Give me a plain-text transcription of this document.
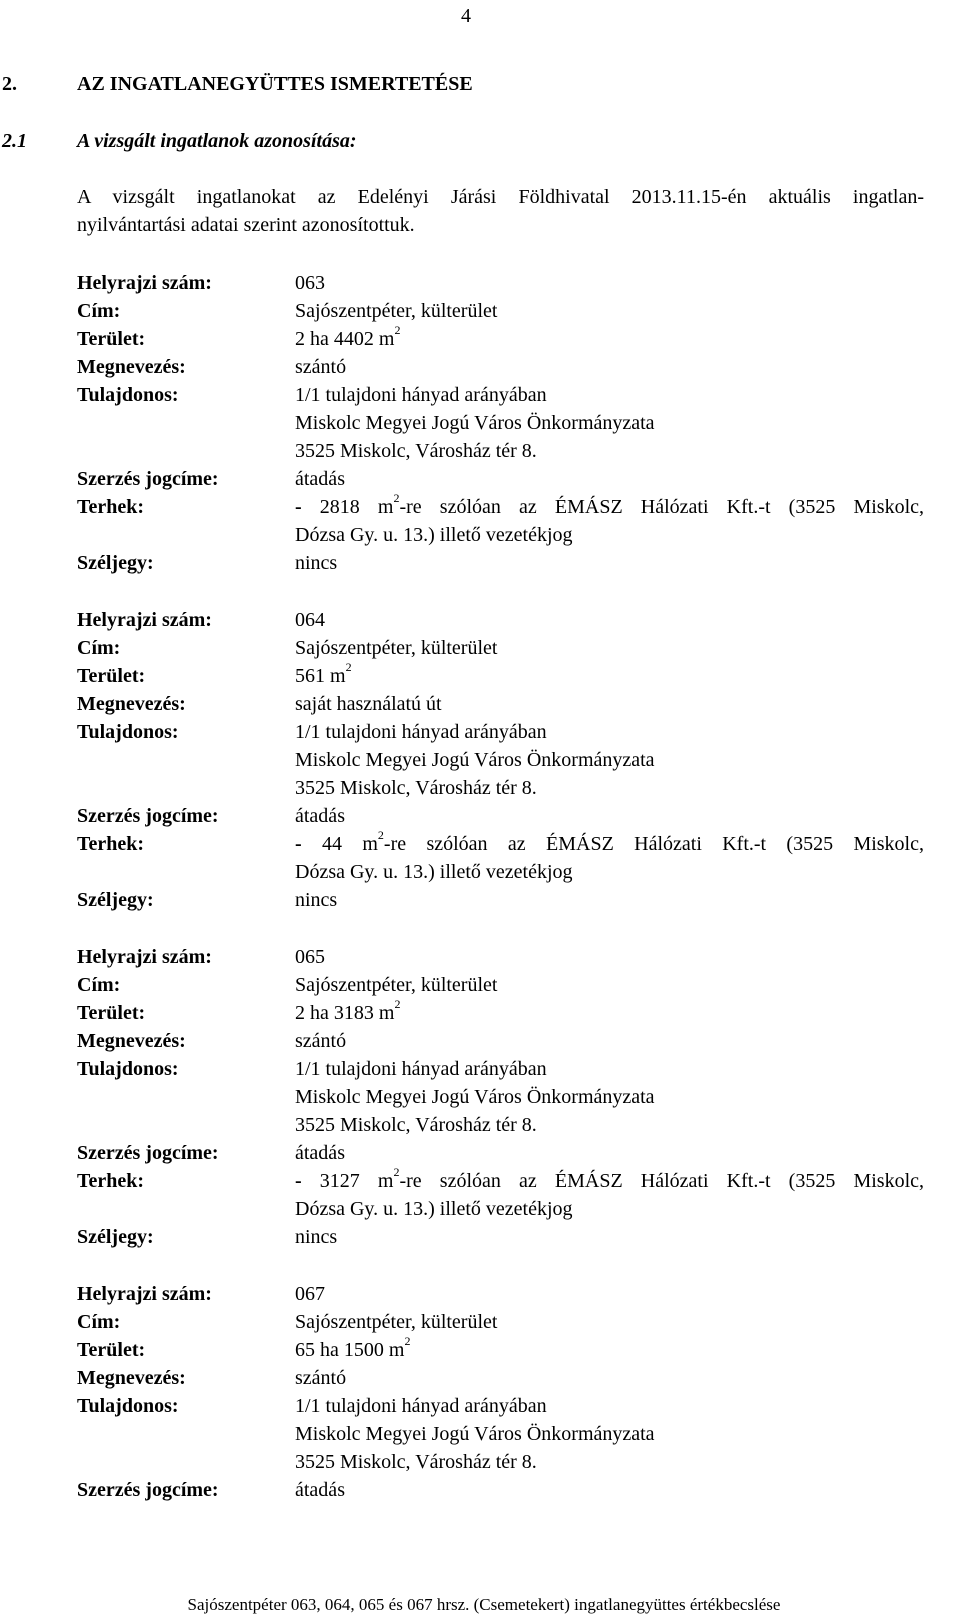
4
2.	AZ INGATLANEGYÜTTES ISMERTETÉSE
2.1	A vizsgált ingatlanok azonosítása:
A vizsgált ingatlanokat az Edelényi Járási Földhivatal 2013.11.15-én aktuális ingatlan-
nyilvántartási adatai szerint azonosítottuk.
Helyrajzi szám:	063
Cím:	Sajószentpéter, külterület
Terület:	2 ha 4402 $m^2$
Megnevezés:	szántó
Tulajdonos:	1/1 tulajdoni hányad arányában
Miskolc Megyei Jogú Város Önkormányzata
3525 Miskolc, Városház tér 8.
Szerzés jogcíme:	átadás
Terhek:	- 2818 $m^2-re$ szólóan az ÉMÁSZ Hálózati Kft.-t (3525 Miskolc,
Dózsa Gy. u. 13.) illető vezetékjog
Széljegy:	nincs
Helyrajzi szám:	064
Cím:	Sajószentpéter, külterület
Terület:	561 $m^2$
Megnevezés:	saját használatú út
Tulajdonos:	1/1 tulajdoni hányad arányában
Miskolc Megyei Jogú Város Önkormányzata
3525 Miskolc, Városház tér 8.
Szerzés jogcíme:	átadás
Terhek:	- 44 $m^2-re$ szólóan az ÉMÁSZ Hálózati Kft.-t (3525 Miskolc,
Dózsa Gy. u. 13.) illető vezetékjog
Széljegy:	nincs
Helyrajzi szám:	065
Cím:	Sajószentpéter, külterület
Terület:	2 ha 3183 $m^2$
Megnevezés:	szántó
Tulajdonos:	1/1 tulajdoni hányad arányában
Miskolc Megyei Jogú Város Önkormányzata
3525 Miskolc, Városház tér 8.
Szerzés jogcíme:	átadás
Terhek:	- 3127 $m^2-re$ szólóan az ÉMÁSZ Hálózati Kft.-t (3525 Miskolc,
Dózsa Gy. u. 13.) illető vezetékjog
Széljegy:	nincs
Helyrajzi szám:	067
Cím:	Sajószentpéter, külterület
Terület:	65 ha 1500 $m^2$
Megnevezés:	szántó
Tulajdonos:	1/1 tulajdoni hányad arányában
Miskolc Megyei Jogú Város Önkormányzata
3525 Miskolc, Városház tér 8.
Szerzés jogcíme:	átadás
Sajószentpéter 063, 064, 065 és 067 hrsz. (Csemetekert) ingatlanegyüttes értékbecslése
